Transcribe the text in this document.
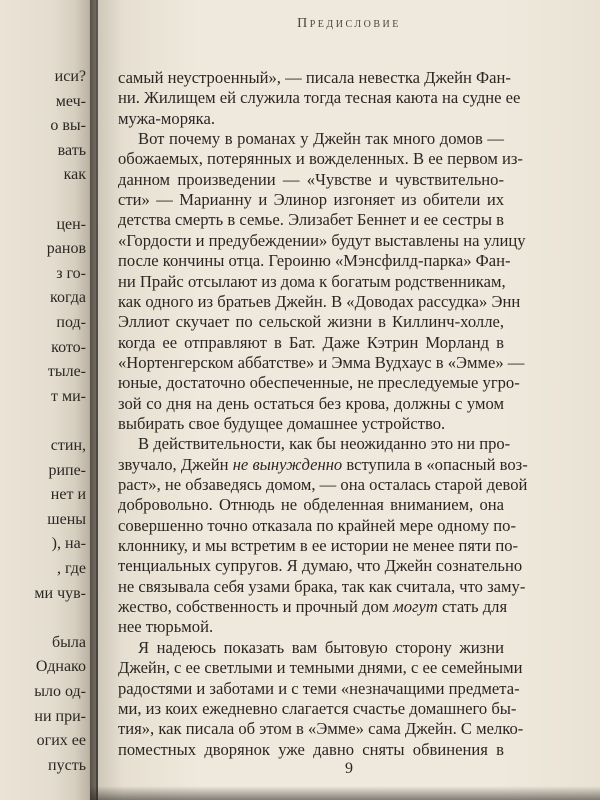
иси?
меч-
о вы-
вать
как
цен-
ранов
з го-
когда
под-
кото-
тыле-
т ми-
стин,
рипе-
нет и
шены
), на-
, где
ми чув-
была
Однако
ыло од-
ни при-
огих ее
пусть
Предисловие
9
самый неустроенный», — писала невестка Джейн Фан-
ни. Жилищем ей служила тогда тесная каюта на судне ее
мужа-моряка.
Вот почему в романах у Джейн так много домов —
обожаемых, потерянных и вожделенных. В ее первом из-
данном произведении — «Чувстве и чувствительно-
сти» — Марианну и Элинор изгоняет из обители их
детства смерть в семье. Элизабет Беннет и ее сестры в
«Гордости и предубеждении» будут выставлены на улицу
после кончины отца. Героиню «Мэнсфилд-парка» Фан-
ни Прайс отсылают из дома к богатым родственникам,
как одного из братьев Джейн. В «Доводах рассудка» Энн
Эллиот скучает по сельской жизни в Киллинч-холле,
когда ее отправляют в Бат. Даже Кэтрин Морланд в
«Нортенгерском аббатстве» и Эмма Вудхаус в «Эмме» —
юные, достаточно обеспеченные, не преследуемые угро-
зой со дня на день остаться без крова, должны с умом
выбирать свое будущее домашнее устройство.
В действительности, как бы неожиданно это ни про-
звучало, Джейн не вынужденно вступила в «опасный воз-
раст», не обзаведясь домом, — она осталась старой девой
добровольно. Отнюдь не обделенная вниманием, она
совершенно точно отказала по крайней мере одному по-
клоннику, и мы встретим в ее истории не менее пяти по-
тенциальных супругов. Я думаю, что Джейн сознательно
не связывала себя узами брака, так как считала, что заму-
жество, собственность и прочный дом могут стать для
нее тюрьмой.
Я надеюсь показать вам бытовую сторону жизни
Джейн, с ее светлыми и темными днями, с ее семейными
радостями и заботами и с теми «незначащими предмета-
ми, из коих ежедневно слагается счастье домашнего бы-
тия», как писала об этом в «Эмме» сама Джейн. С мелко-
поместных дворянок уже давно сняты обвинения в
